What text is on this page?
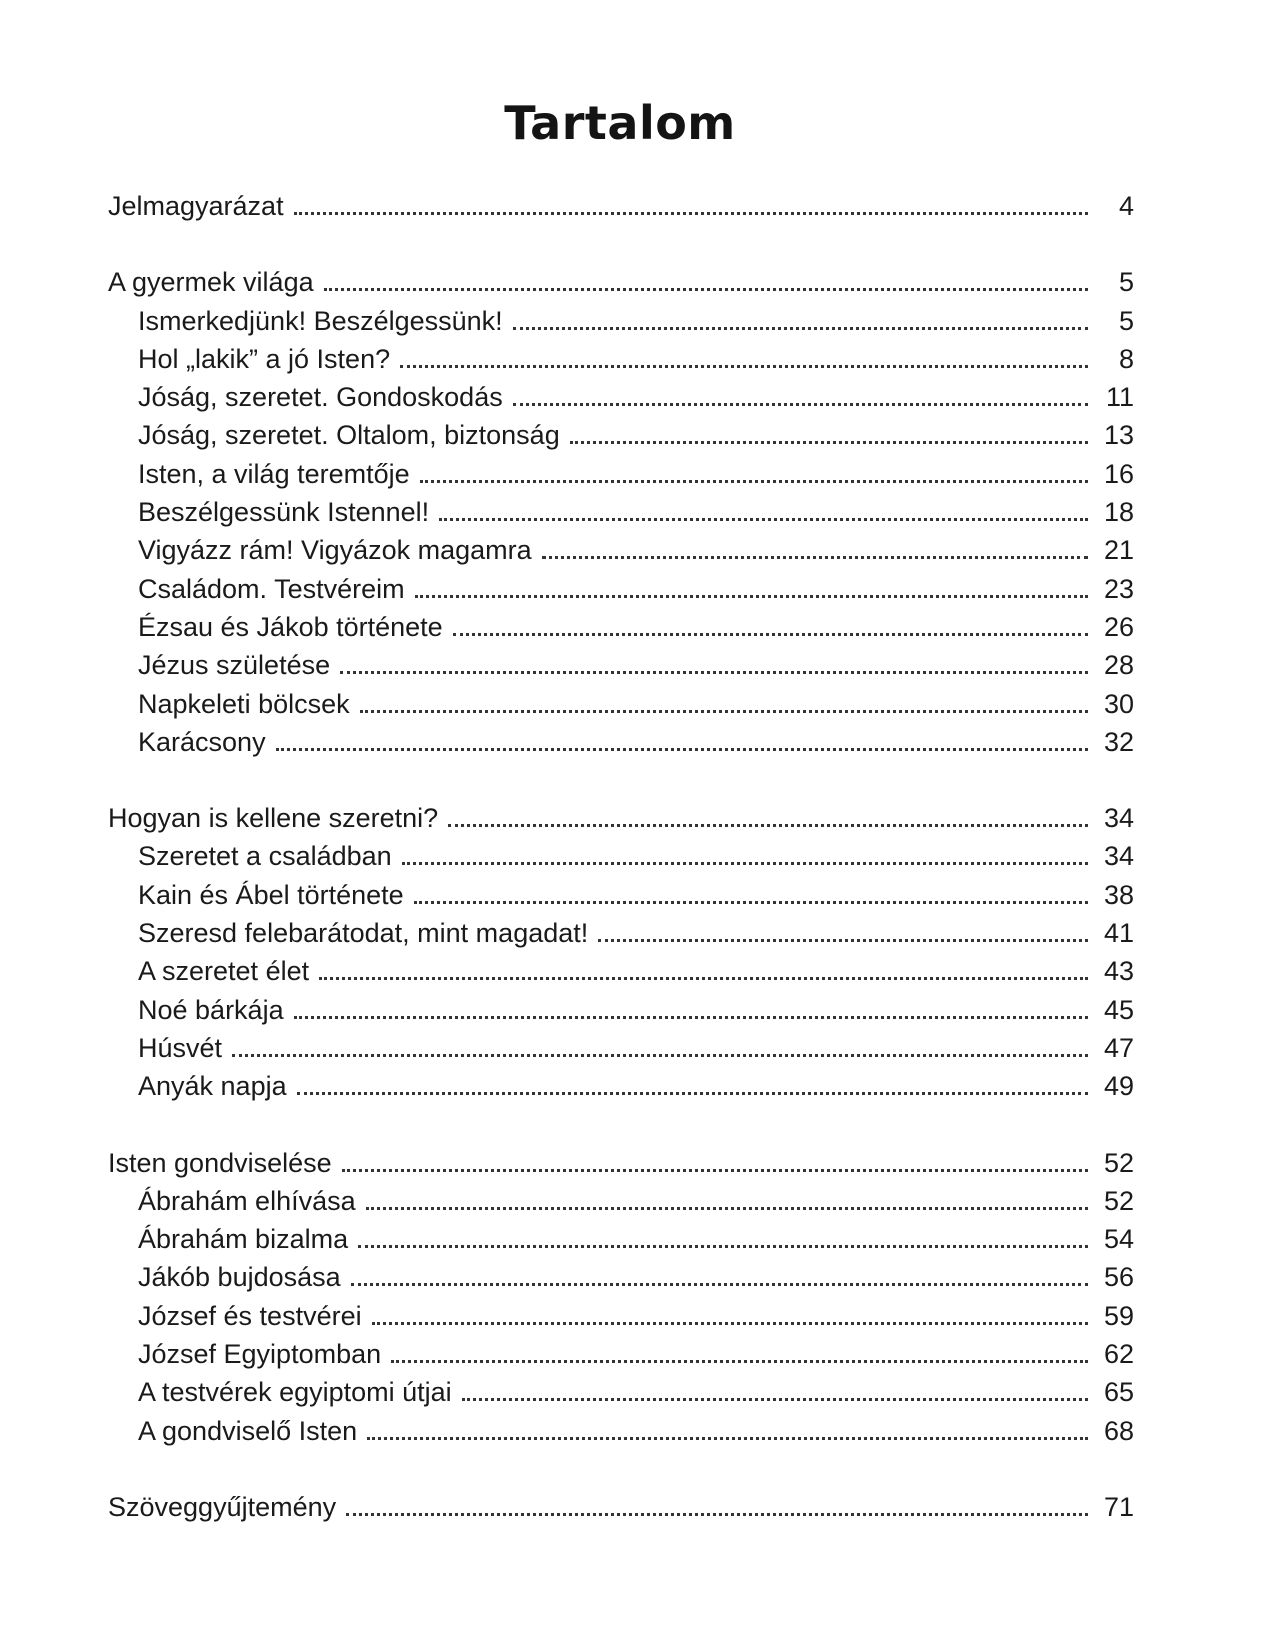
Tartalom
Jelmagyarázat	4
A gyermek világa	5
Ismerkedjünk! Beszélgessünk!	5
Hol „lakik” a jó Isten?	8
Jóság, szeretet. Gondoskodás	11
Jóság, szeretet. Oltalom, biztonság	13
Isten, a világ teremtője	16
Beszélgessünk Istennel!	18
Vigyázz rám! Vigyázok magamra	21
Családom. Testvéreim	23
Ézsau és Jákob története	26
Jézus születése	28
Napkeleti bölcsek	30
Karácsony	32
Hogyan is kellene szeretni?	34
Szeretet a családban	34
Kain és Ábel története	38
Szeresd felebarátodat, mint magadat!	41
A szeretet élet	43
Noé bárkája	45
Húsvét	47
Anyák napja	49
Isten gondviselése	52
Ábrahám elhívása	52
Ábrahám bizalma	54
Jákób bujdosása	56
József és testvérei	59
József Egyiptomban	62
A testvérek egyiptomi útjai	65
A gondviselő Isten	68
Szöveggyűjtemény	71
